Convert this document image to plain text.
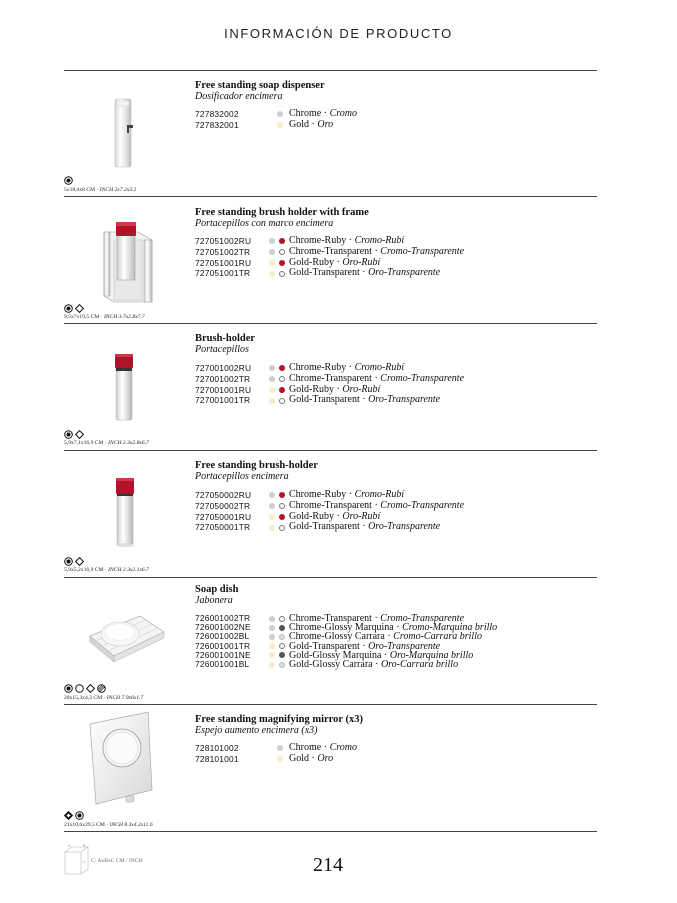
INFORMACIÓN DE PRODUCTO
5x18,4x8 CM · INCH 2x7.2x3.2
Free standing soap dispenser
Dosificador encimera
727832002	Chrome · Cromo
727832001	Gold · Oro
9,5x7x19,5 CM · INCH 3.7x2.8x7.7
Free standing brush holder with frame
Portacepillos con marco encimera
727051002RU	Chrome-Ruby · Cromo-Rubí
727051002TR	Chrome-Transparent · Cromo-Transparente
727051001RU	Gold-Ruby · Oro-Rubí
727051001TR	Gold-Transparent · Oro-Transparente
5,9x7,1x16,9 CM · INCH 2.3x2.8x6.7
Brush-holder
Portacepillos
727001002RU	Chrome-Ruby · Cromo-Rubí
727001002TR	Chrome-Transparent · Cromo-Transparente
727001001RU	Gold-Ruby · Oro-Rubí
727001001TR	Gold-Transparent · Oro-Transparente
5,9x5,2x16,9 CM · INCH 2.3x2.1x6.7
Free standing brush-holder
Portacepillos encimera
727050002RU	Chrome-Ruby · Cromo-Rubí
727050002TR	Chrome-Transparent · Cromo-Transparente
727050001RU	Gold-Ruby · Oro-Rubí
727050001TR	Gold-Transparent · Oro-Transparente
20x15,3x4,3 CM · INCH 7.9x6x1.7
Soap dish
Jabonera
726001002TR	Chrome-Transparent · Cromo-Transparente
726001002NE	Chrome-Glossy Marquina · Cromo-Marquina brillo
726001002BL	Chrome-Glossy Carrara · Cromo-Carrara brillo
726001001TR	Gold-Transparent · Oro-Transparente
726001001NE	Gold-Glossy Marquina · Oro-Marquina brillo
726001001BL	Gold-Glossy Carrara · Oro-Carrara brillo
21x10,6x29,5 CM · INCH 8.3x4.2x11.6
Free standing magnifying mirror (x3)
Espejo aumento encimera (x3)
728101002	Chrome · Cromo
728101001	Gold · Oro
A	B
C C: AxBxC CM / INCH	214
